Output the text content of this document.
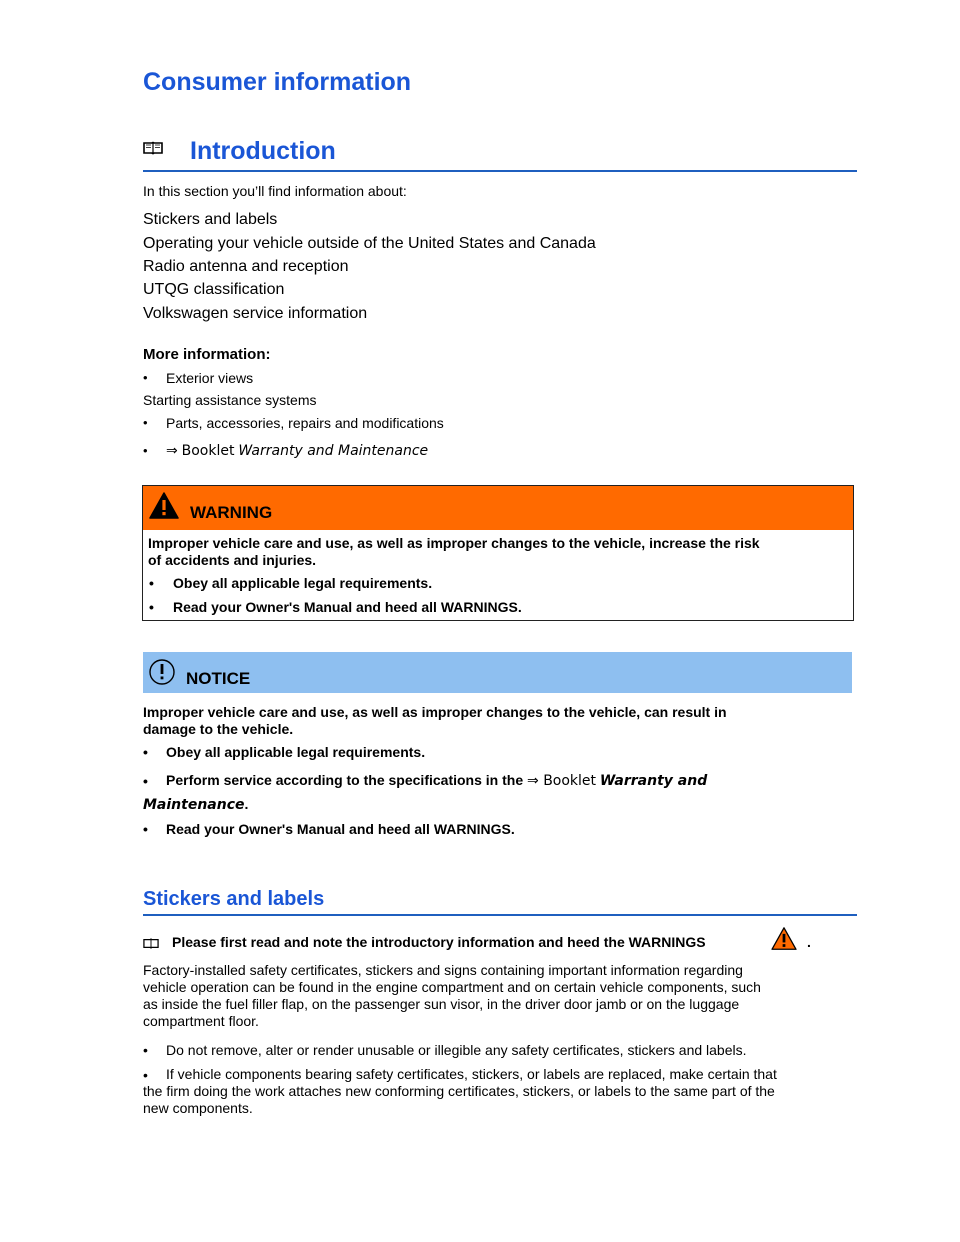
Consumer information
Introduction
In this section you’ll find information about:
Stickers and labels
Operating your vehicle outside of the United States and Canada
Radio antenna and reception
UTQG classification
Volkswagen service information
More information:
• Exterior views
Starting assistance systems
• Parts, accessories, repairs and modifications
• ⇒ Booklet Warranty and Maintenance
WARNING
Improper vehicle care and use, as well as improper changes to the vehicle, increase the risk
of accidents and injuries.
• Obey all applicable legal requirements.
• Read your Owner's Manual and heed all WARNINGS.
NOTICE
Improper vehicle care and use, as well as improper changes to the vehicle, can result in
damage to the vehicle.
• Obey all applicable legal requirements.
• Perform service according to the specifications in the ⇒ Booklet Warranty and
Maintenance.
• Read your Owner's Manual and heed all WARNINGS.
Stickers and labels
Please first read and note the introductory information and heed the WARNINGS	.
Factory-installed safety certificates, stickers and signs containing important information regarding
vehicle operation can be found in the engine compartment and on certain vehicle components, such
as inside the fuel filler flap, on the passenger sun visor, in the driver door jamb or on the luggage
compartment floor.
• Do not remove, alter or render unusable or illegible any safety certificates, stickers and labels.
• If vehicle components bearing safety certificates, stickers, or labels are replaced, make certain that
the firm doing the work attaches new conforming certificates, stickers, or labels to the same part of the
new components.
